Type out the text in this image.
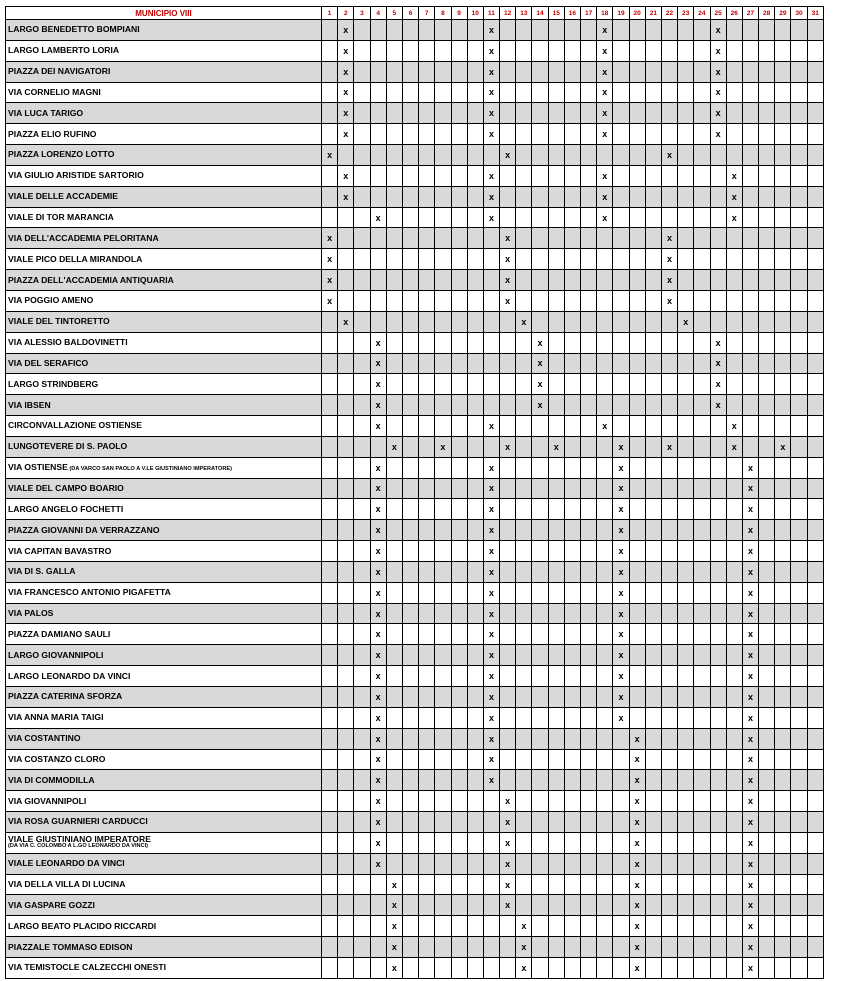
MUNICIPIO VIII	1	2	3	4	5	6	7	8	9	10	11	12	13	14	15	16	17	18	19	20	21	22	23	24	25	26	27	28	29	30	31
LARGO BENEDETTO BOMPIANI		x									x							x							x						
LARGO LAMBERTO LORIA		x									x							x							x						
PIAZZA DEI NAVIGATORI		x									x							x							x						
VIA CORNELIO MAGNI		x									x							x							x						
VIA LUCA TARIGO		x									x							x							x						
PIAZZA ELIO RUFINO		x									x							x							x						
PIAZZA LORENZO LOTTO	x											x										x									
VIA GIULIO ARISTIDE SARTORIO		x									x							x								x					
VIALE DELLE ACCADEMIE		x									x							x								x					
VIALE DI TOR MARANCIA				x							x							x								x					
VIA DELL'ACCADEMIA PELORITANA	x											x										x									
VIALE PICO DELLA MIRANDOLA	x											x										x									
PIAZZA DELL'ACCADEMIA ANTIQUARIA	x											x										x									
VIA POGGIO AMENO	x											x										x									
VIALE DEL TINTORETTO		x											x										x								
VIA ALESSIO BALDOVINETTI				x										x											x						
VIA DEL SERAFICO				x										x											x						
LARGO STRINDBERG				x										x											x						
VIA IBSEN				x										x											x						
CIRCONVALLAZIONE OSTIENSE				x							x							x								x					
LUNGOTEVERE DI S. PAOLO					x			x				x			x				x			x				x			x		
VIA OSTIENSE (DA VARCO SAN PAOLO A V.LE GIUSTINIANO IMPERATORE)				x							x								x								x				
VIALE DEL CAMPO BOARIO				x							x								x								x				
LARGO ANGELO FOCHETTI				x							x								x								x				
PIAZZA GIOVANNI DA VERRAZZANO				x							x								x								x				
VIA CAPITAN BAVASTRO				x							x								x								x				
VIA DI S. GALLA				x							x								x								x				
VIA FRANCESCO ANTONIO PIGAFETTA				x							x								x								x				
VIA PALOS				x							x								x								x				
PIAZZA DAMIANO SAULI				x							x								x								x				
LARGO GIOVANNIPOLI				x							x								x								x				
LARGO LEONARDO DA VINCI				x							x								x								x				
PIAZZA CATERINA SFORZA				x							x								x								x				
VIA ANNA MARIA TAIGI				x							x								x								x				
VIA COSTANTINO				x							x									x							x				
VIA COSTANZO CLORO				x							x									x							x				
VIA DI COMMODILLA				x							x									x							x				
VIA GIOVANNIPOLI				x								x								x							x				
VIA ROSA GUARNIERI CARDUCCI				x								x								x							x				
VIALE GIUSTINIANO IMPERATORE
(DA VIA C. COLOMBO A L.GO LEONARDO DA VINCI)				x								x								x							x				
VIALE LEONARDO DA VINCI				x								x								x							x				
VIA DELLA VILLA DI LUCINA					x							x								x							x				
VIA GASPARE GOZZI					x							x								x							x				
LARGO BEATO PLACIDO RICCARDI					x								x							x							x				
PIAZZALE TOMMASO EDISON					x								x							x							x				
VIA TEMISTOCLE CALZECCHI ONESTI					x								x							x							x				
